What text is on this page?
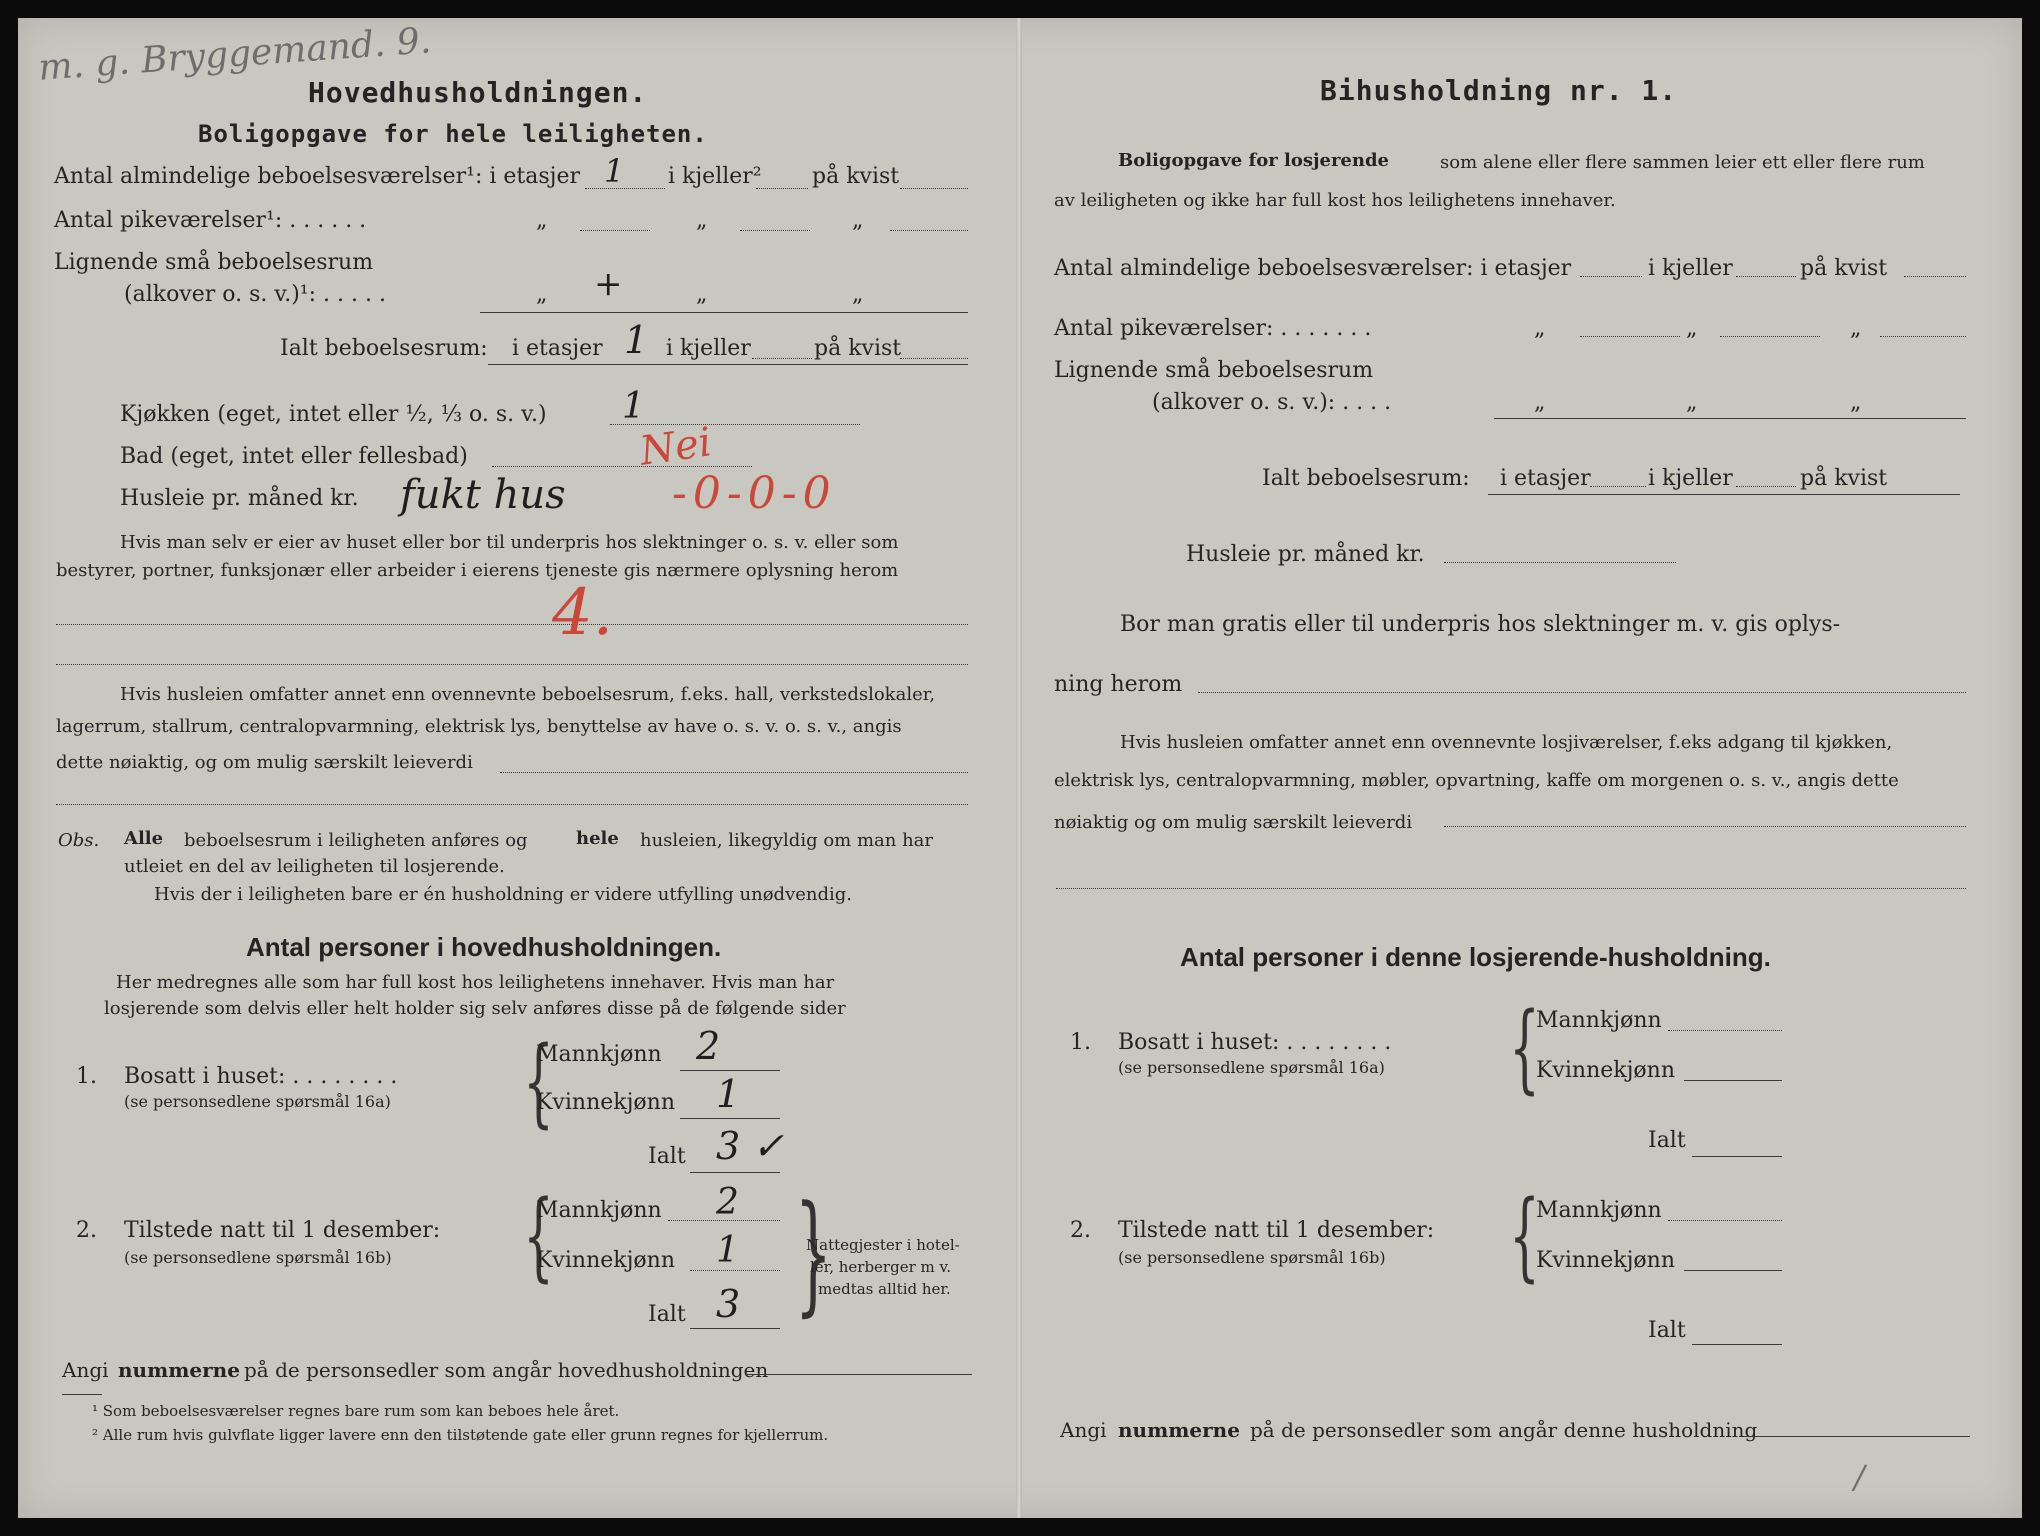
m. g. Bryggemand. 9.
Hovedhusholdningen.
Boligopgave for hele leiligheten.
Antal almindelige beboelsesværelser¹: i etasjer 1 i kjeller² på kvist
Antal pikeværelser¹: . . . . . .	„	„	„
Lignende små beboelsesrum
(alkover o. s. v.)¹: . . . . .	„ +	„	„
Ialt beboelsesrum: i etasjer 1 i kjeller	på kvist
Kjøkken (eget, intet eller ½, ⅓ o. s. v.) 1
Bad (eget, intet eller fellesbad)	Nei
Husleie pr. måned kr. fukt hus -0-0-0
Hvis man selv er eier av huset eller bor til underpris hos slektninger o. s. v. eller som
bestyrer, portner, funksjonær eller arbeider i eierens tjeneste gis nærmere oplysning herom
4.
Hvis husleien omfatter annet enn ovennevnte beboelsesrum, f.eks. hall, verkstedslokaler,
lagerrum, stallrum, centralopvarmning, elektrisk lys, benyttelse av have o. s. v. o. s. v., angis
dette nøiaktig, og om mulig særskilt leieverdi
Obs. Alle beboelsesrum i leiligheten anføres og	hele husleien, likegyldig om man har
utleiet en del av leiligheten til losjerende.
Hvis der i leiligheten bare er én husholdning er videre utfylling unødvendig.
Antal personer i hovedhusholdningen.
Her medregnes alle som har full kost hos leilighetens innehaver. Hvis man har
losjerende som delvis eller helt holder sig selv anføres disse på de følgende sider
1. Bosatt i huset: . . . . . . . .
(se personsedlene spørsmål 16a) {
Mannkjønn 2
Kvinnekjønn 1
Ialt 3 ✓
2. Tilstede natt til 1 desember:
(se personsedlene spørsmål 16b) {
Mannkjønn 2
Kvinnekjønn 1
Ialt 3 }
Nattegjester i hotel-
ler, herberger m v.
medtas alltid her.
Angi nummerne på de personsedler som angår hovedhusholdningen
¹ Som beboelsesværelser regnes bare rum som kan beboes hele året.
² Alle rum hvis gulvflate ligger lavere enn den tilstøtende gate eller grunn regnes for kjellerrum.
Bihusholdning nr. 1.
Boligopgave for losjerende	som alene eller flere sammen leier ett eller flere rum
av leiligheten og ikke har full kost hos leilighetens innehaver.
Antal almindelige beboelsesværelser: i etasjer	i kjeller	på kvist
Antal pikeværelser: . . . . . . .	„	„	„
Lignende små beboelsesrum
(alkover o. s. v.): . . . .	„	„	„
Ialt beboelsesrum: i etasjer	i kjeller	på kvist
Husleie pr. måned kr.
Bor man gratis eller til underpris hos slektninger m. v. gis oplys-
ning herom
Hvis husleien omfatter annet enn ovennevnte losjiværelser, f.eks adgang til kjøkken,
elektrisk lys, centralopvarmning, møbler, opvartning, kaffe om morgenen o. s. v., angis dette
nøiaktig og om mulig særskilt leieverdi
Antal personer i denne losjerende-husholdning.
1. Bosatt i huset: . . . . . . . .
(se personsedlene spørsmål 16a) {
Mannkjønn
Kvinnekjønn
Ialt
2. Tilstede natt til 1 desember:
(se personsedlene spørsmål 16b) {
Mannkjønn
Kvinnekjønn
Ialt
Angi nummerne på de personsedler som angår denne husholdning
/
